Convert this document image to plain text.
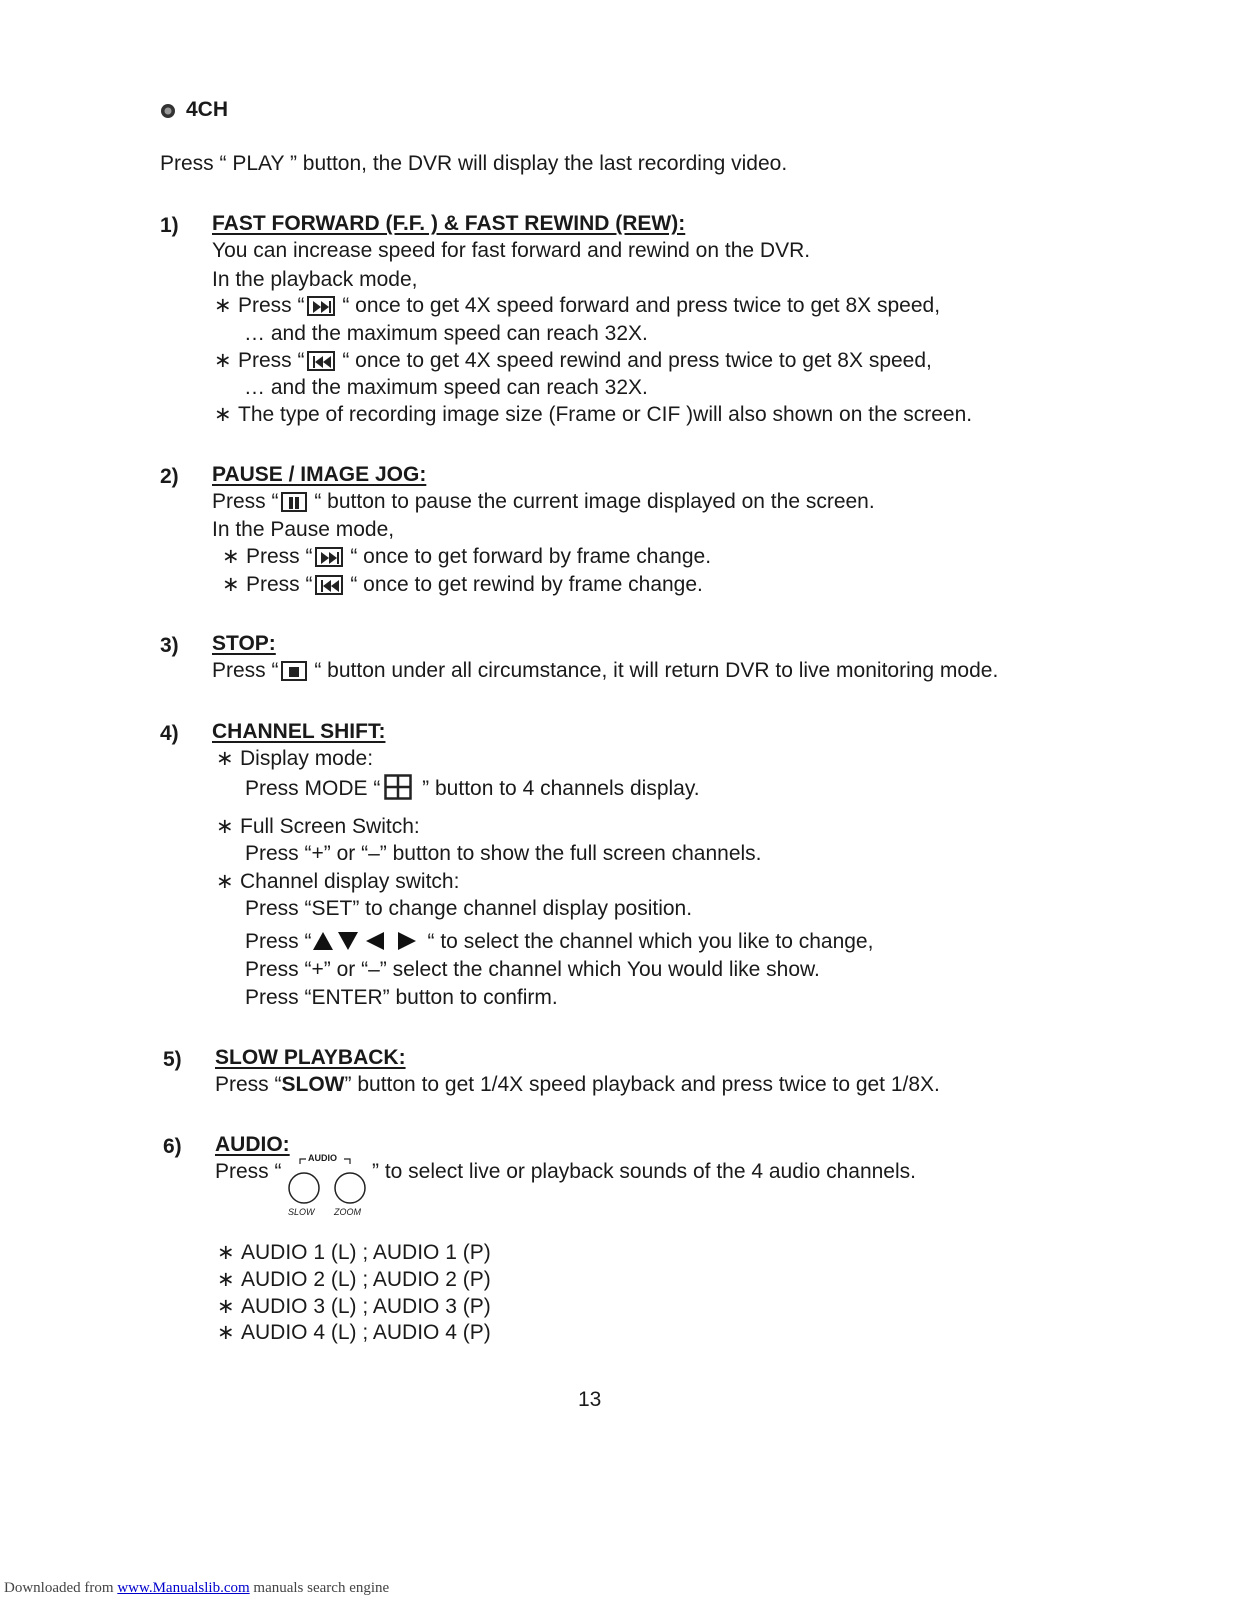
4CH
Press “ PLAY ” button, the DVR will display the last recording video.
1) FAST FORWARD (F.F. ) & FAST REWIND (REW):
You can increase speed for fast forward and rewind on the DVR.
In the playback mode,
∗ Press “
“ once to get 4X speed forward and press twice to get 8X speed,
… and the maximum speed can reach 32X.
∗ Press “
“ once to get 4X speed rewind and press twice to get 8X speed,
… and the maximum speed can reach 32X.
∗ The type of recording image size (Frame or CIF )will also shown on the screen.
2) PAUSE / IMAGE JOG:
Press “
“ button to pause the current image displayed on the screen.
In the Pause mode,
∗ Press “
“ once to get forward by frame change.
∗ Press “
“ once to get rewind by frame change.
3) STOP:
Press “
“ button under all circumstance, it will return DVR to live monitoring mode.
4) CHANNEL SHIFT:
∗ Display mode:
Press MODE “ ” button to 4 channels display.
∗ Full Screen Switch:
Press “+” or “–” button to show the full screen channels.
∗ Channel display switch:
Press “SET” to change channel display position.
Press “	“ to select the channel which you like to change,
Press “+” or “–” select the channel which You would like show.
Press “ENTER” button to confirm.
5) SLOW PLAYBACK:
Press “SLOW” button to get 1/4X speed playback and press twice to get 1/8X.
6) AUDIO:
Press “
AUDIO
SLOW ZOOM
” to select live or playback sounds of the 4 audio channels.
∗ AUDIO 1 (L) ; AUDIO 1 (P)
∗ AUDIO 2 (L) ; AUDIO 2 (P)
∗ AUDIO 3 (L) ; AUDIO 3 (P)
∗ AUDIO 4 (L) ; AUDIO 4 (P)
13
Downloaded from www.Manualslib.com manuals search engine
